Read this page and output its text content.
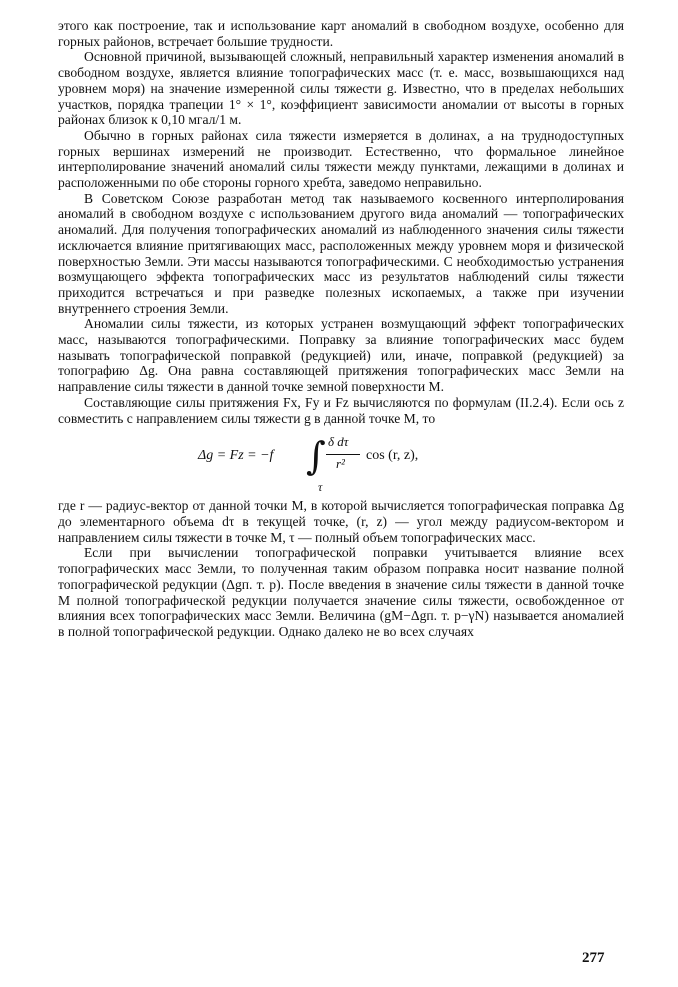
этого как построение, так и использование карт аномалий в свободном воздухе, особенно для горных районов, встречает большие трудности.

Основной причиной, вызывающей сложный, неправильный характер изменения аномалий в свободном воздухе, является влияние топографических масс (т. е. масс, возвышающихся над уровнем моря) на значение измеренной силы тяжести g. Известно, что в пределах небольших участков, порядка трапеции 1° × 1°, коэффициент зависимости аномалии от высоты в горных районах близок к 0,10 мгал/1 м.

Обычно в горных районах сила тяжести измеряется в долинах, а на труднодоступных горных вершинах измерений не производит. Естественно, что формальное линейное интерполирование значений аномалий силы тяжести между пунктами, лежащими в долинах и расположенными по обе стороны горного хребта, заведомо неправильно.

В Советском Союзе разработан метод так называемого косвенного интерполирования аномалий в свободном воздухе с использованием другого вида аномалий — топографических аномалий. Для получения топографических аномалий из наблюденного значения силы тяжести исключается влияние притягивающих масс, расположенных между уровнем моря и физической поверхностью Земли. Эти массы называются топографическими. С необходимостью устранения возмущающего эффекта топографических масс из результатов наблюдений силы тяжести приходится встречаться и при разведке полезных ископаемых, а также при изучении внутреннего строения Земли.

Аномалии силы тяжести, из которых устранен возмущающий эффект топографических масс, называются топографическими. Поправку за влияние топографических масс будем называть топографической поправкой (редукцией) или, иначе, поправкой (редукцией) за топографию Δg. Она равна составляющей притяжения топографических масс Земли на направление силы тяжести в данной точке земной поверхности M.

Составляющие силы притяжения Fx, Fy и Fz вычисляются по формулам (II.2.4). Если ось z совместить с направлением силы тяжести g в данной точке M, то

где r — радиус-вектор от данной точки M, в которой вычисляется топографическая поправка Δg до элементарного объема dτ в текущей точке, (r, z) — угол между радиусом-вектором и направлением силы тяжести в точке M, τ — полный объем топографических масс.

Если при вычислении топографической поправки учитывается влияние всех топографических масс Земли, то полученная таким образом поправка носит название полной топографической редукции (Δgп. т. р). После введения в значение силы тяжести в данной точке M полной топографической редукции получается значение силы тяжести, освобожденное от влияния всех топографических масс Земли. Величина (gM−Δgп. т. р−γN) называется аномалией в полной топографической редукции. Однако далеко не во всех случаях

Δg = Fz = −f ∫ δ dτ
r²
cos (r, z),
τ
277
